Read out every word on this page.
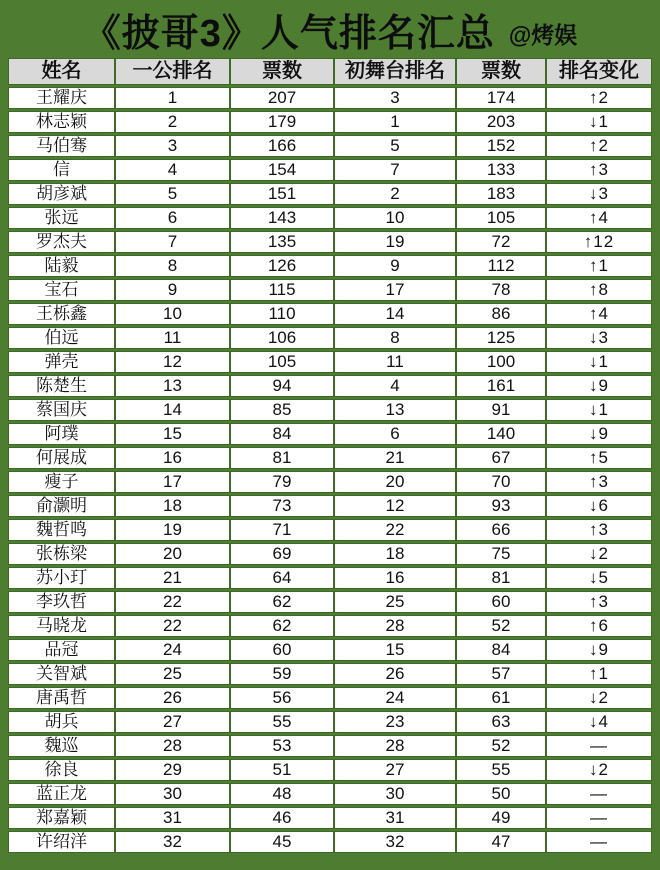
《披哥3》人气排名汇总 @烤娱
姓名	一公排名	票数	初舞台排名	票数	排名变化
王耀庆	1	207	3	174	↑2
林志颖	2	179	1	203	↓1
马伯骞	3	166	5	152	↑2
信	4	154	7	133	↑3
胡彦斌	5	151	2	183	↓3
张远	6	143	10	105	↑4
罗杰夫	7	135	19	72	↑12
陆毅	8	126	9	112	↑1
宝石	9	115	17	78	↑8
王栎鑫	10	110	14	86	↑4
伯远	11	106	8	125	↓3
弹壳	12	105	11	100	↓1
陈楚生	13	94	4	161	↓9
蔡国庆	14	85	13	91	↓1
阿璞	15	84	6	140	↓9
何展成	16	81	21	67	↑5
瘦子	17	79	20	70	↑3
俞灏明	18	73	12	93	↓6
魏哲鸣	19	71	22	66	↑3
张栋梁	20	69	18	75	↓2
苏小玎	21	64	16	81	↓5
李玖哲	22	62	25	60	↑3
马晓龙	22	62	28	52	↑6
品冠	24	60	15	84	↓9
关智斌	25	59	26	57	↑1
唐禹哲	26	56	24	61	↓2
胡兵	27	55	23	63	↓4
魏巡	28	53	28	52	—
徐良	29	51	27	55	↓2
蓝正龙	30	48	30	50	—
郑嘉颖	31	46	31	49	—
许绍洋	32	45	32	47	—
